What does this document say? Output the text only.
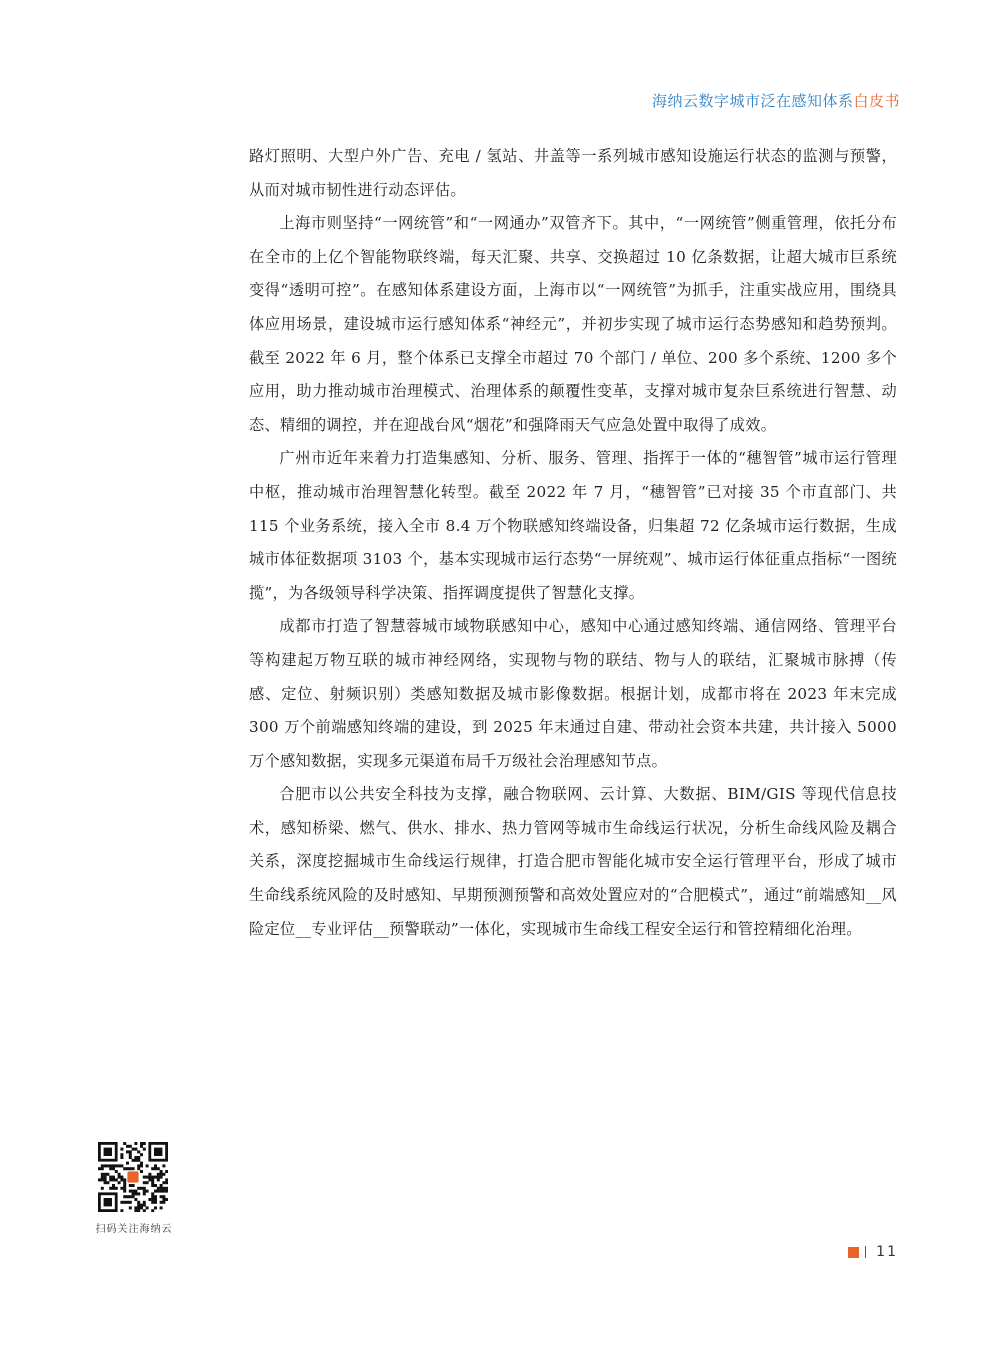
海纳云数字城市泛在感知体系白皮书

路灯照明、大型户外广告、充电 / 氢站、井盖等一系列城市感知设施运行状态的监测与预警，从而对城市韧性进行动态评估。

上海市则坚持“一网统管”和“一网通办”双管齐下。其中，“一网统管”侧重管理，依托分布在全市的上亿个智能物联终端，每天汇聚、共享、交换超过 10 亿条数据，让超大城市巨系统变得“透明可控”。在感知体系建设方面，上海市以“一网统管”为抓手，注重实战应用，围绕具体应用场景，建设城市运行感知体系“神经元”，并初步实现了城市运行态势感知和趋势预判。截至 2022 年 6 月，整个体系已支撑全市超过 70 个部门 / 单位、200 多个系统、1200 多个应用，助力推动城市治理模式、治理体系的颠覆性变革，支撑对城市复杂巨系统进行智慧、动态、精细的调控，并在迎战台风“烟花”和强降雨天气应急处置中取得了成效。

广州市近年来着力打造集感知、分析、服务、管理、指挥于一体的“穗智管”城市运行管理中枢，推动城市治理智慧化转型。截至 2022 年 7 月，“穗智管”已对接 35 个市直部门、共 115 个业务系统，接入全市 8.4 万个物联感知终端设备，归集超 72 亿条城市运行数据，生成城市体征数据项 3103 个，基本实现城市运行态势“一屏统观”、城市运行体征重点指标“一图统揽”，为各级领导科学决策、指挥调度提供了智慧化支撑。

成都市打造了智慧蓉城市域物联感知中心，感知中心通过感知终端、通信网络、管理平台等构建起万物互联的城市神经网络，实现物与物的联结、物与人的联结，汇聚城市脉搏（传感、定位、射频识别）类感知数据及城市影像数据。根据计划，成都市将在 2023 年末完成 300 万个前端感知终端的建设，到 2025 年末通过自建、带动社会资本共建，共计接入 5000 万个感知数据，实现多元渠道布局千万级社会治理感知节点。

合肥市以公共安全科技为支撑，融合物联网、云计算、大数据、BIM/GIS 等现代信息技术，感知桥梁、燃气、供水、排水、热力管网等城市生命线运行状况，分析生命线风险及耦合关系，深度挖掘城市生命线运行规律，打造合肥市智能化城市安全运行管理平台，形成了城市生命线系统风险的及时感知、早期预测预警和高效处置应对的“合肥模式”，通过“前端感知__风险定位__专业评估__预警联动”一体化，实现城市生命线工程安全运行和管控精细化治理。

扫码关注海纳云
11
